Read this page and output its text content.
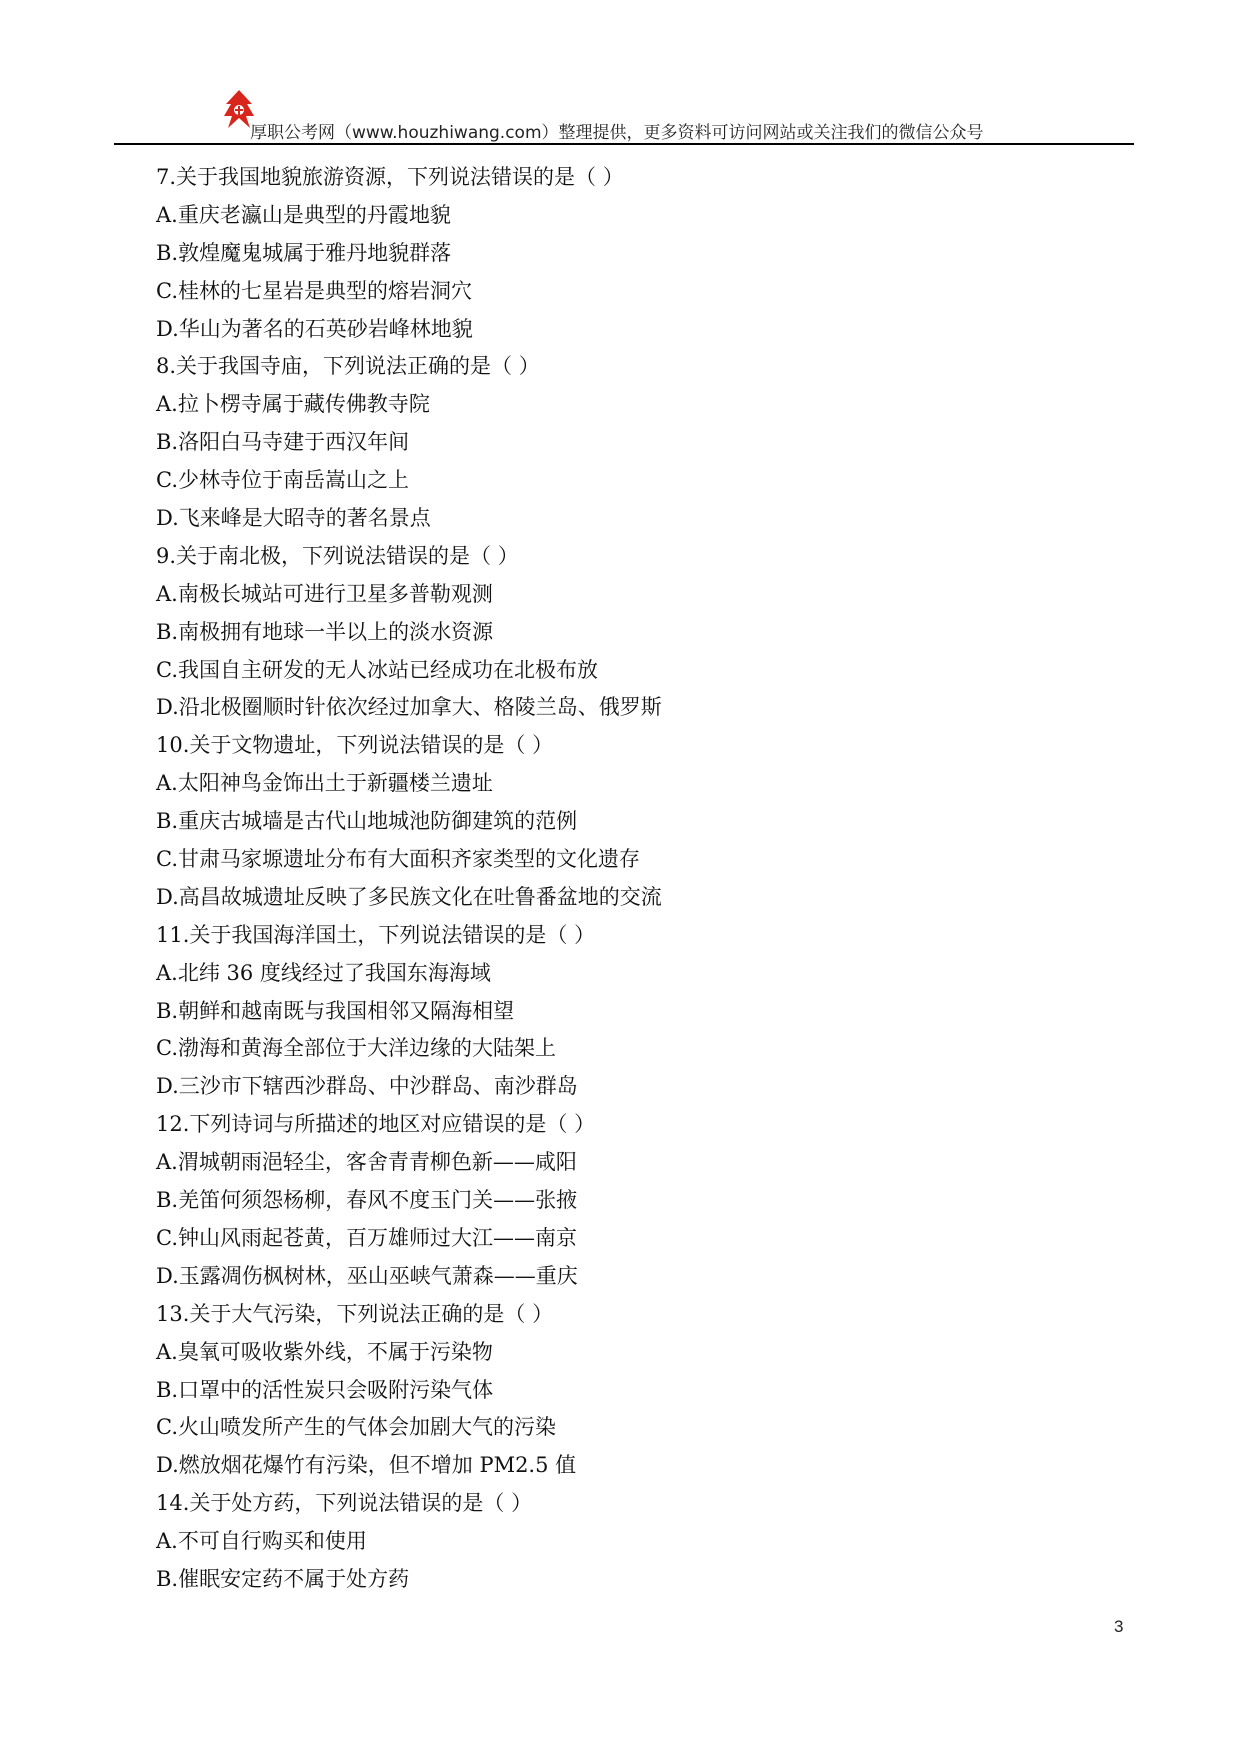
厚职公考网（www.houzhiwang.com）整理提供，更多资料可访问网站或关注我们的微信公众号
7.关于我国地貌旅游资源，下列说法错误的是（ ）
A.重庆老瀛山是典型的丹霞地貌
B.敦煌魔鬼城属于雅丹地貌群落
C.桂林的七星岩是典型的熔岩洞穴
D.华山为著名的石英砂岩峰林地貌
8.关于我国寺庙，下列说法正确的是（ ）
A.拉卜楞寺属于藏传佛教寺院
B.洛阳白马寺建于西汉年间
C.少林寺位于南岳嵩山之上
D.飞来峰是大昭寺的著名景点
9.关于南北极，下列说法错误的是（ ）
A.南极长城站可进行卫星多普勒观测
B.南极拥有地球一半以上的淡水资源
C.我国自主研发的无人冰站已经成功在北极布放
D.沿北极圈顺时针依次经过加拿大、格陵兰岛、俄罗斯
10.关于文物遗址，下列说法错误的是（ ）
A.太阳神鸟金饰出土于新疆楼兰遗址
B.重庆古城墙是古代山地城池防御建筑的范例
C.甘肃马家塬遗址分布有大面积齐家类型的文化遗存
D.高昌故城遗址反映了多民族文化在吐鲁番盆地的交流
11.关于我国海洋国土，下列说法错误的是（ ）
A.北纬 36 度线经过了我国东海海域
B.朝鲜和越南既与我国相邻又隔海相望
C.渤海和黄海全部位于大洋边缘的大陆架上
D.三沙市下辖西沙群岛、中沙群岛、南沙群岛
12.下列诗词与所描述的地区对应错误的是（ ）
A.渭城朝雨浥轻尘，客舍青青柳色新——咸阳
B.羌笛何须怨杨柳，春风不度玉门关——张掖
C.钟山风雨起苍黄，百万雄师过大江——南京
D.玉露凋伤枫树林，巫山巫峡气萧森——重庆
13.关于大气污染，下列说法正确的是（ ）
A.臭氧可吸收紫外线，不属于污染物
B.口罩中的活性炭只会吸附污染气体
C.火山喷发所产生的气体会加剧大气的污染
D.燃放烟花爆竹有污染，但不增加 PM2.5 值
14.关于处方药，下列说法错误的是（ ）
A.不可自行购买和使用
B.催眠安定药不属于处方药
3
